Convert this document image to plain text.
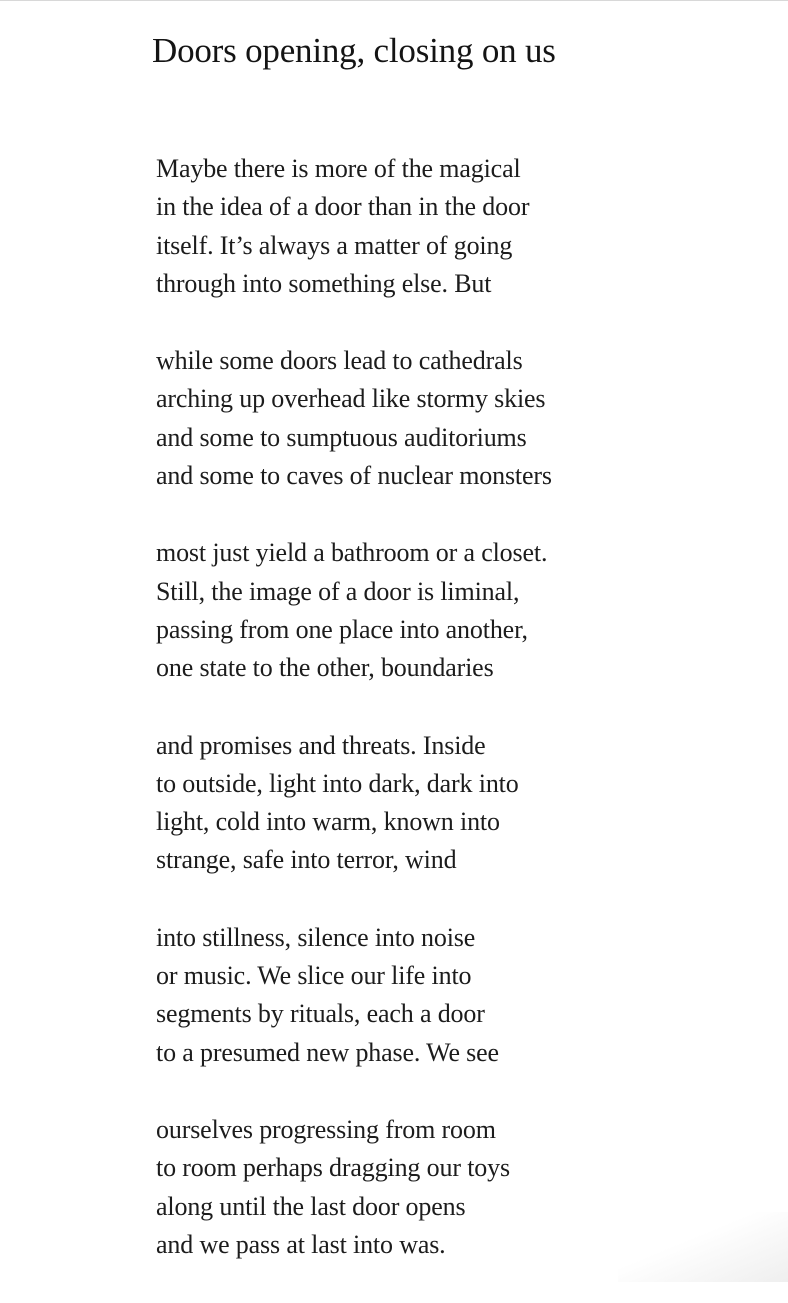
Doors opening, closing on us
Maybe there is more of the magical
in the idea of a door than in the door
itself. It’s always a matter of going
through into something else. But
while some doors lead to cathedrals
arching up overhead like stormy skies
and some to sumptuous auditoriums
and some to caves of nuclear monsters
most just yield a bathroom or a closet.
Still, the image of a door is liminal,
passing from one place into another,
one state to the other, boundaries
and promises and threats. Inside
to outside, light into dark, dark into
light, cold into warm, known into
strange, safe into terror, wind
into stillness, silence into noise
or music. We slice our life into
segments by rituals, each a door
to a presumed new phase. We see
ourselves progressing from room
to room perhaps dragging our toys
along until the last door opens
and we pass at last into was.
